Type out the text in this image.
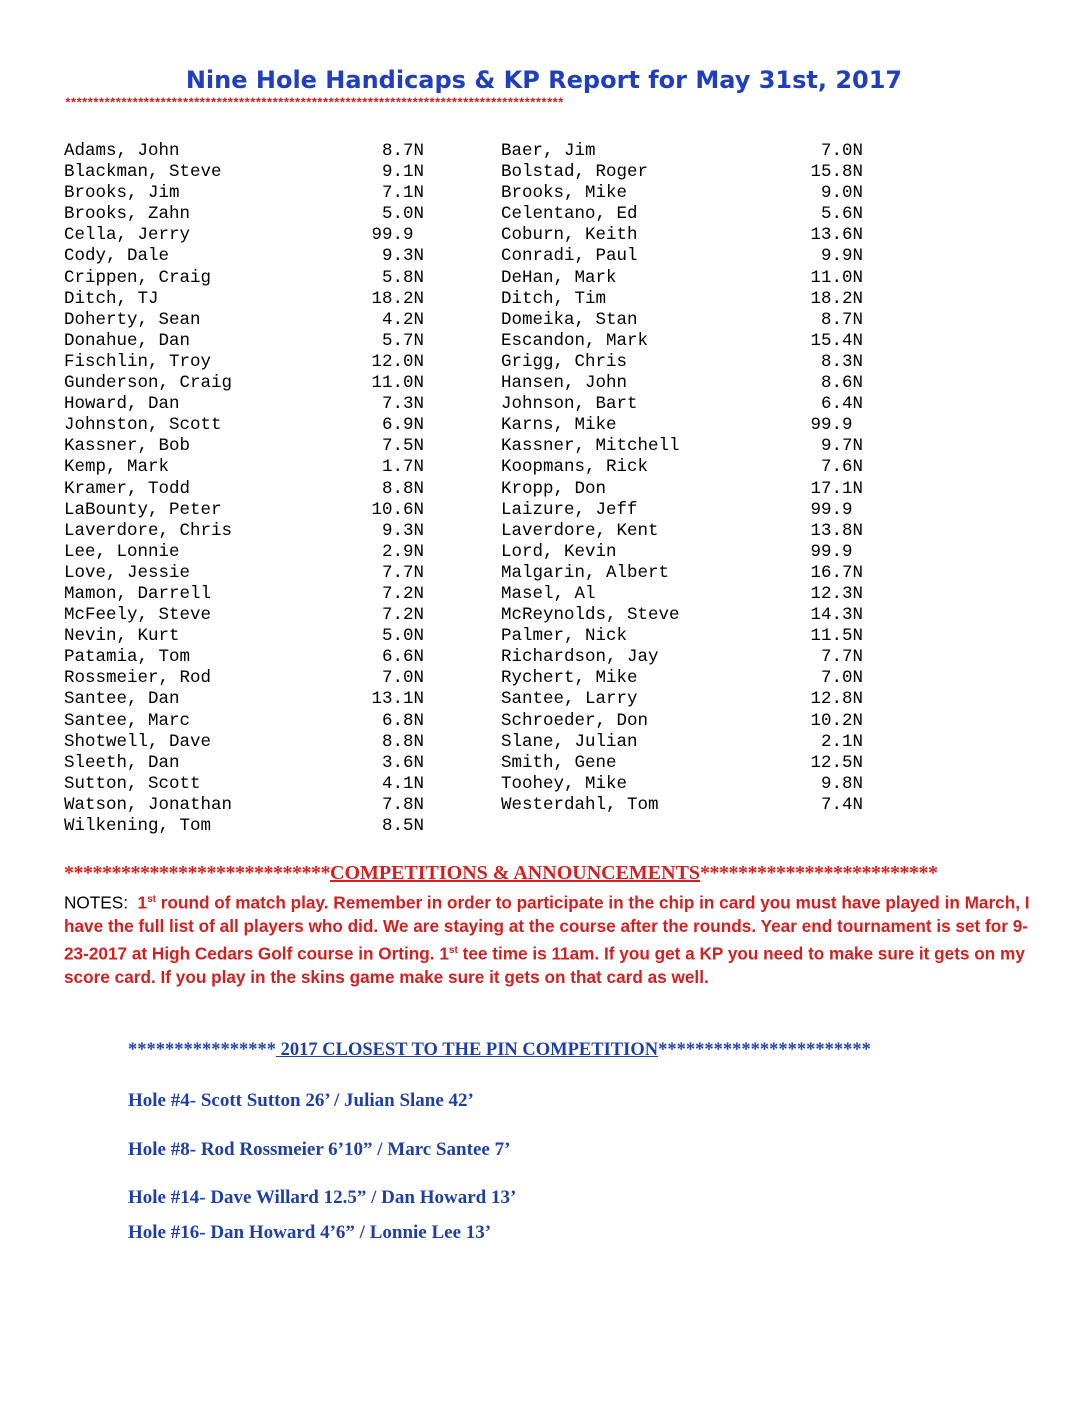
Nine Hole Handicaps & KP Report for May 31st, 2017
*****************************************************************************************
Adams, John	8.7N
Blackman, Steve	9.1N
Brooks, Jim	7.1N
Brooks, Zahn	5.0N
Cella, Jerry	99.9
Cody, Dale	9.3N
Crippen, Craig	5.8N
Ditch, TJ	18.2N
Doherty, Sean	4.2N
Donahue, Dan	5.7N
Fischlin, Troy	12.0N
Gunderson, Craig	11.0N
Howard, Dan	7.3N
Johnston, Scott	6.9N
Kassner, Bob	7.5N
Kemp, Mark	1.7N
Kramer, Todd	8.8N
LaBounty, Peter	10.6N
Laverdore, Chris	9.3N
Lee, Lonnie	2.9N
Love, Jessie	7.7N
Mamon, Darrell	7.2N
McFeely, Steve	7.2N
Nevin, Kurt	5.0N
Patamia, Tom	6.6N
Rossmeier, Rod	7.0N
Santee, Dan	13.1N
Santee, Marc	6.8N
Shotwell, Dave	8.8N
Sleeth, Dan	3.6N
Sutton, Scott	4.1N
Watson, Jonathan	7.8N
Wilkening, Tom	8.5N
Baer, Jim	7.0N
Bolstad, Roger	15.8N
Brooks, Mike	9.0N
Celentano, Ed	5.6N
Coburn, Keith	13.6N
Conradi, Paul	9.9N
DeHan, Mark	11.0N
Ditch, Tim	18.2N
Domeika, Stan	8.7N
Escandon, Mark	15.4N
Grigg, Chris	8.3N
Hansen, John	8.6N
Johnson, Bart	6.4N
Karns, Mike	99.9
Kassner, Mitchell	9.7N
Koopmans, Rick	7.6N
Kropp, Don	17.1N
Laizure, Jeff	99.9
Laverdore, Kent	13.8N
Lord, Kevin	99.9
Malgarin, Albert	16.7N
Masel, Al	12.3N
McReynolds, Steve	14.3N
Palmer, Nick	11.5N
Richardson, Jay	7.7N
Rychert, Mike	7.0N
Santee, Larry	12.8N
Schroeder, Don	10.2N
Slane, Julian	2.1N
Smith, Gene	12.5N
Toohey, Mike	9.8N
Westerdahl, Tom	7.4N
****************************COMPETITIONS & ANNOUNCEMENTS*************************
NOTES: 1st round of match play. Remember in order to participate in the chip in card you must have played in March, I have the full list of all players who did. We are staying at the course after the rounds. Year end tournament is set for 9-23-2017 at High Cedars Golf course in Orting. 1st tee time is 11am. If you get a KP you need to make sure it gets on my score card. If you play in the skins game make sure it gets on that card as well.
**************** 2017 CLOSEST TO THE PIN COMPETITION***********************
Hole #4- Scott Sutton 26’ / Julian Slane 42’
Hole #8- Rod Rossmeier 6’10” / Marc Santee 7’
Hole #14- Dave Willard 12.5” / Dan Howard 13’
Hole #16- Dan Howard 4’6” / Lonnie Lee 13’
